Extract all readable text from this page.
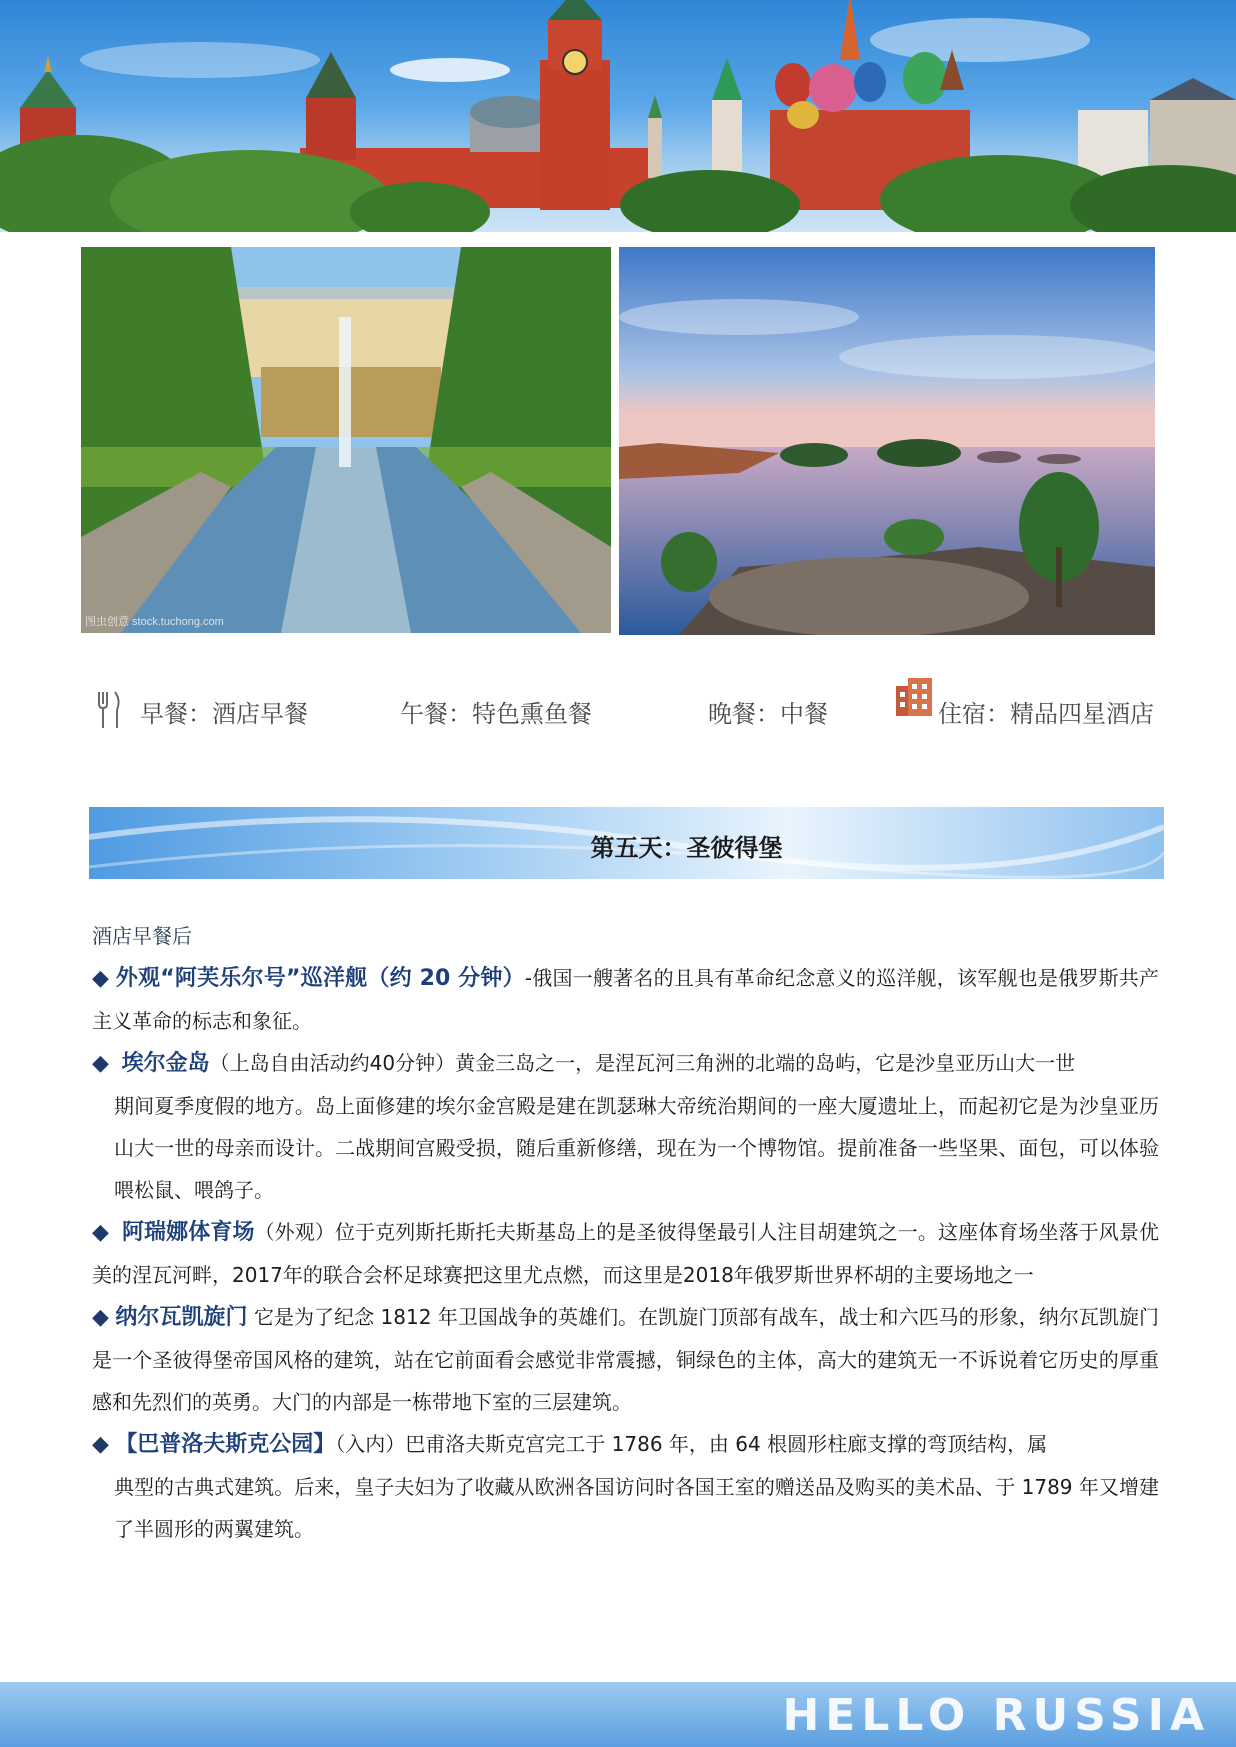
图虫创意 stock.tuchong.com
早餐：酒店早餐	午餐：特色熏鱼餐	晚餐：中餐	住宿：精品四星酒店
第五天：圣彼得堡

酒店早餐后

◆ 外观“阿芙乐尔号”巡洋舰（约 20 分钟）-俄国一艘著名的且具有革命纪念意义的巡洋舰，该军舰也是俄罗斯共产主义革命的标志和象征。

◆ 埃尔金岛（上岛自由活动约40分钟）黄金三岛之一，是涅瓦河三角洲的北端的岛屿，它是沙皇亚历山大一世

期间夏季度假的地方。岛上面修建的埃尔金宫殿是建在凯瑟琳大帝统治期间的一座大厦遗址上，而起初它是为沙皇亚历山大一世的母亲而设计。二战期间宫殿受损，随后重新修缮，现在为一个博物馆。提前准备一些坚果、面包，可以体验喂松鼠、喂鸽子。

◆ 阿瑞娜体育场（外观）位于克列斯托斯托夫斯基岛上的是圣彼得堡最引人注目胡建筑之一。这座体育场坐落于风景优美的涅瓦河畔，2017年的联合会杯足球赛把这里尤点燃，而这里是2018年俄罗斯世界杯胡的主要场地之一

◆ 纳尔瓦凯旋门 它是为了纪念 1812 年卫国战争的英雄们。在凯旋门顶部有战车，战士和六匹马的形象，纳尔瓦凯旋门是一个圣彼得堡帝国风格的建筑，站在它前面看会感觉非常震撼，铜绿色的主体，高大的建筑无一不诉说着它历史的厚重感和先烈们的英勇。大门的内部是一栋带地下室的三层建筑。

◆ 【巴普洛夫斯克公园】（入内）巴甫洛夫斯克宫完工于 1786 年，由 64 根圆形柱廊支撑的弯顶结构，属

典型的古典式建筑。后来，皇子夫妇为了收藏从欧洲各国访问时各国王室的赠送品及购买的美术品、于 1789 年又增建了半圆形的两翼建筑。

HELLO RUSSIA
